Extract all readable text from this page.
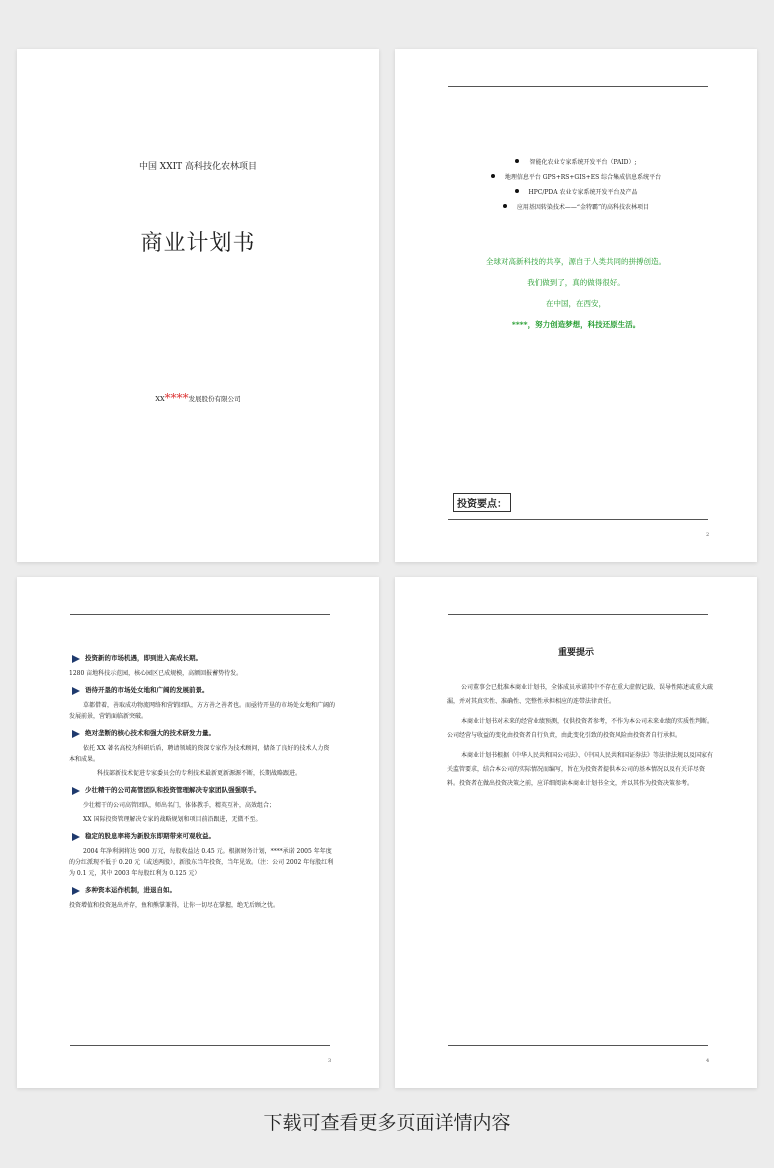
中国 XXIT 高科技化农林项目
商业计划书
XX****发展股份有限公司
智能化农业专家系统开发平台（PAID）;
地理信息平台 GPS+RS+GIS+ES 综合集成信息系统平台
HPC/PDA 农业专家系统开发平台及产品
应用基因转染技术——“金特霸”的高科技农林项目
全球对高新科技的共享，源自于人类共同的拼搏创造。
我们做到了，真的做得很好。
在中国，在西安，
****，努力创造梦想，科技还原生活。
投资要点：
2
投资新的市场机遇，即到进入高成长期。
1280 亩地科技示范园，核心园区已成规模，高额回报蓄势待发。
语待开垦的市场处女地和广阔的发展前景。
草都借着，善取成功物流网络和营销团队，方方善之善者也。而亟待开垦的市场处女地和广阔的发展前景，营销面临新突破。
绝对垄断的核心技术和强大的技术研发力量。
依托 XX 著名高校为科研后盾，聘请领域的资深专家作为技术顾问，储备了良好的技术人力资本和成果。
科技部新技术促进专家委员会的专利技术最新更新源源不断，长期战略跟进。
少壮精干的公司高管团队和投资管理解决专家团队强强联手。
少壮精干的公司高管团队，师出名门，体体教手，精英互补，高效组合；
XX 国际投资管理解决专家的战略规划和项目前沿跟进，无微不至。
稳定的股息率将为新股东即期带来可观收益。
2004 年净利润将达 900 万元，每股收益达 0.45 元。根据财务计划，****承诺 2005 年年度的分红派现不低于 0.20 元（或送两股），新股东当年投资，当年见效。（注：公司 2002 年每股红利为 0.1 元，其中 2003 年每股红利为 0.125 元）
多种资本运作机制，进退自如。
投资增值和投资退出并存，鱼和熊掌兼得，让你一切尽在掌握，绝无后顾之忧。
3
重要提示

公司董事会已批准本商业计划书，全体成员承诺其中不存在重大虚假记载、误导性陈述或重大疏漏，并对其真实性、准确性、完整性承担相应的连带法律责任。

本商业计划书对未来的经营业绩预测，仅供投资者参考，不作为本公司未来业绩的实质性判断。公司经营与收益的变化由投资者自行负责，由此变化引致的投资风险由投资者自行承担。

本商业计划书根据《中华人民共和国公司法》、《中国人民共和国证券法》等法律法规以及国家有关监管要求，结合本公司的实际情况而编写，旨在为投资者提供本公司的基本情况以及有关详尽资料。投资者在做出投资决策之前，应详细阅读本商业计划书全文，并以其作为投资决策参考。

4
下载可查看更多页面详情内容
